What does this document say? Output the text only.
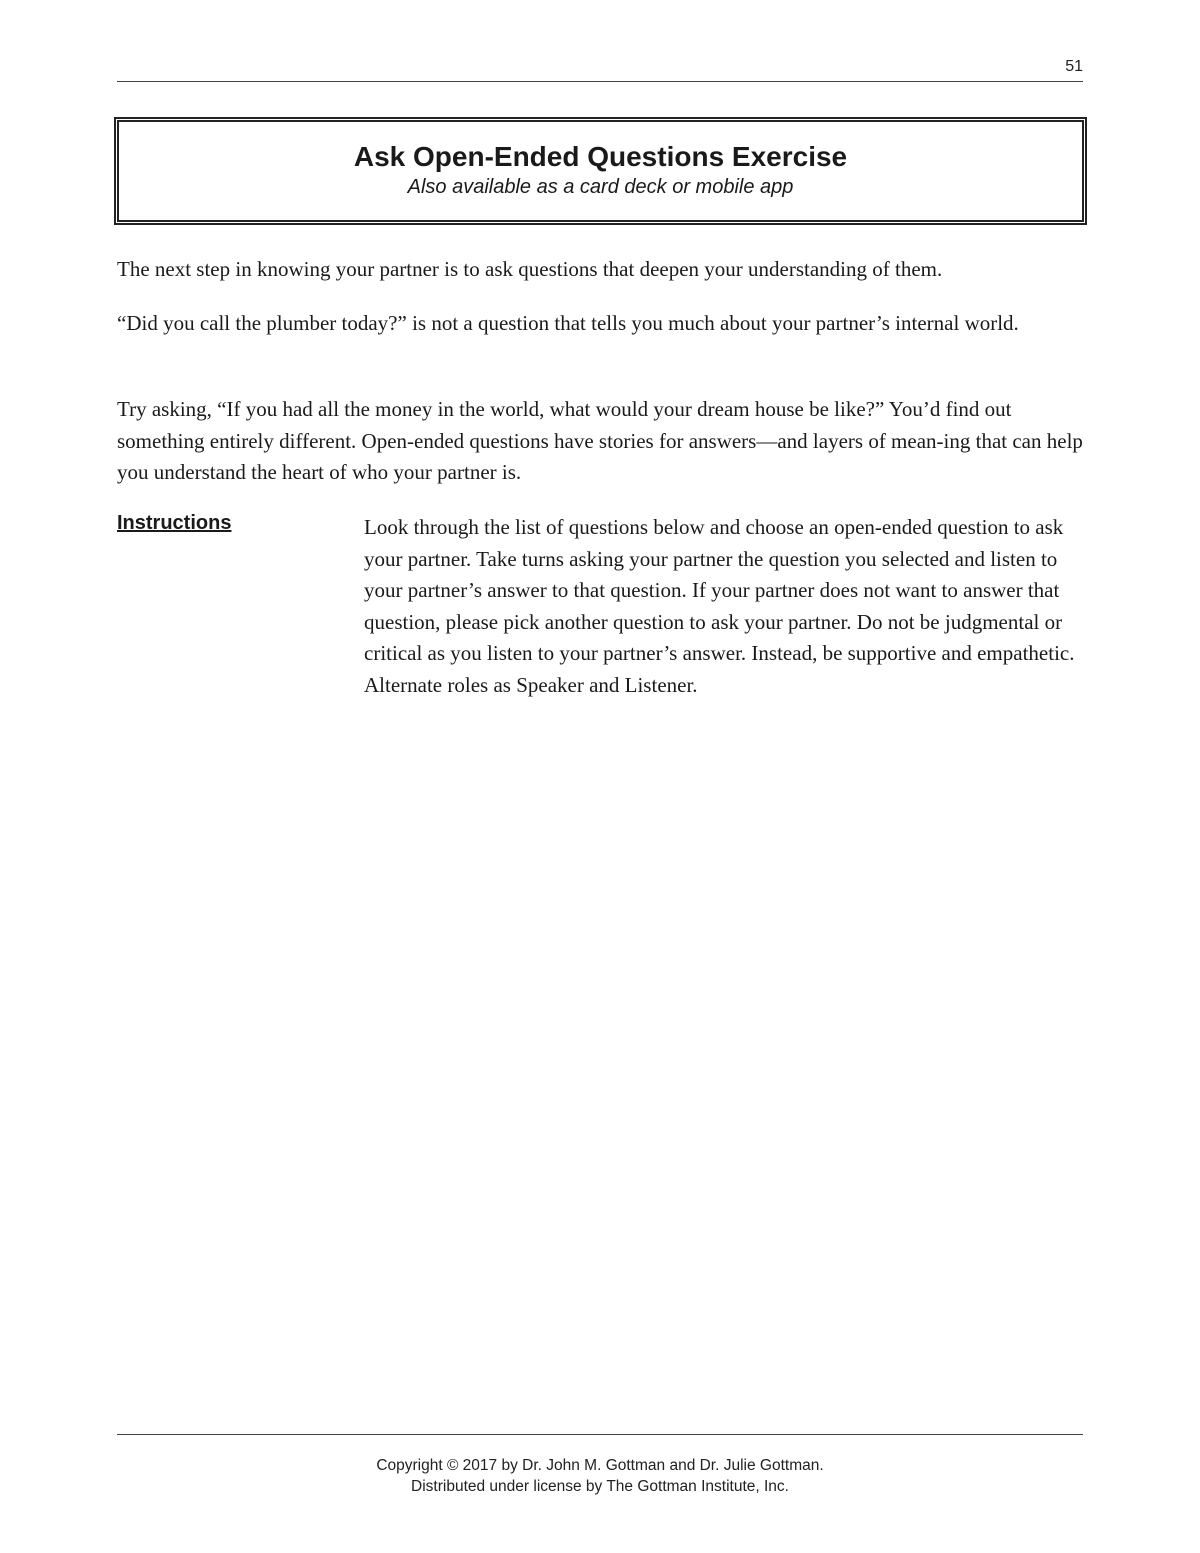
51
Ask Open-Ended Questions Exercise
Also available as a card deck or mobile app

The next step in knowing your partner is to ask questions that deepen your understanding of them.

“Did you call the plumber today?” is not a question that tells you much about your partner’s internal world.

Try asking, “If you had all the money in the world, what would your dream house be like?” You’d find out something entirely different. Open-ended questions have stories for answers—and layers of mean-ing that can help you understand the heart of who your partner is.

Instructions	Look through the list of questions below and choose an open-ended question to ask your partner. Take turns asking your partner the question you selected and listen to your partner’s answer to that question. If your partner does not want to answer that question, please pick another question to ask your partner. Do not be judgmental or critical as you listen to your partner’s answer. Instead, be supportive and empathetic. Alternate roles as Speaker and Listener.

Copyright © 2017 by Dr. John M. Gottman and Dr. Julie Gottman.
Distributed under license by The Gottman Institute, Inc.
